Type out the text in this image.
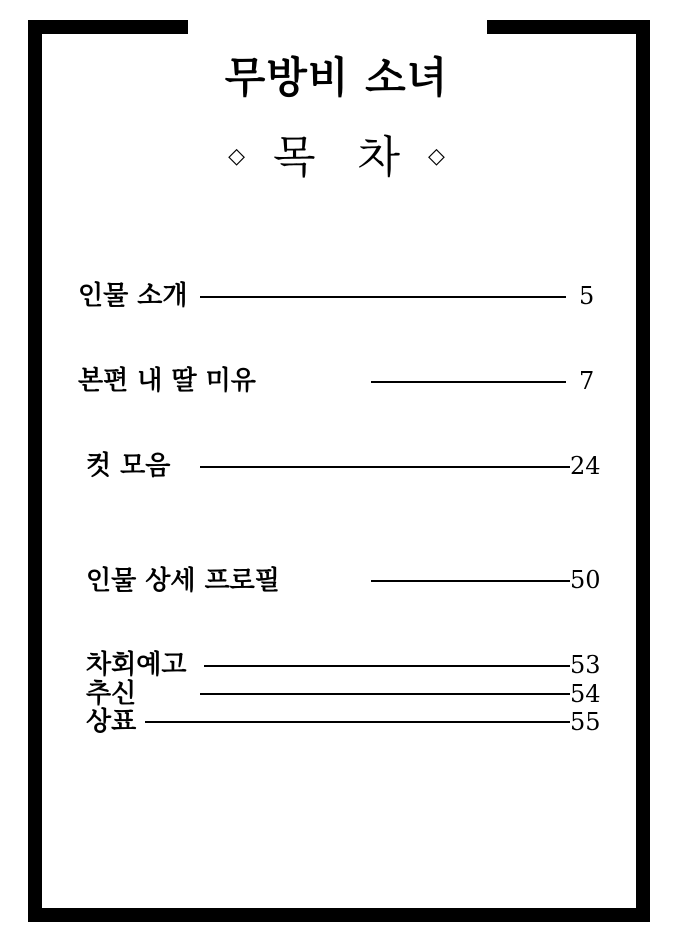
무방비 소녀
◇ 목   차 ◇
인물 소개	5
본편 내 딸 미유	7
컷 모음	24
인물 상세 프로필	50
차회예고	53
추신	54
상표	55
